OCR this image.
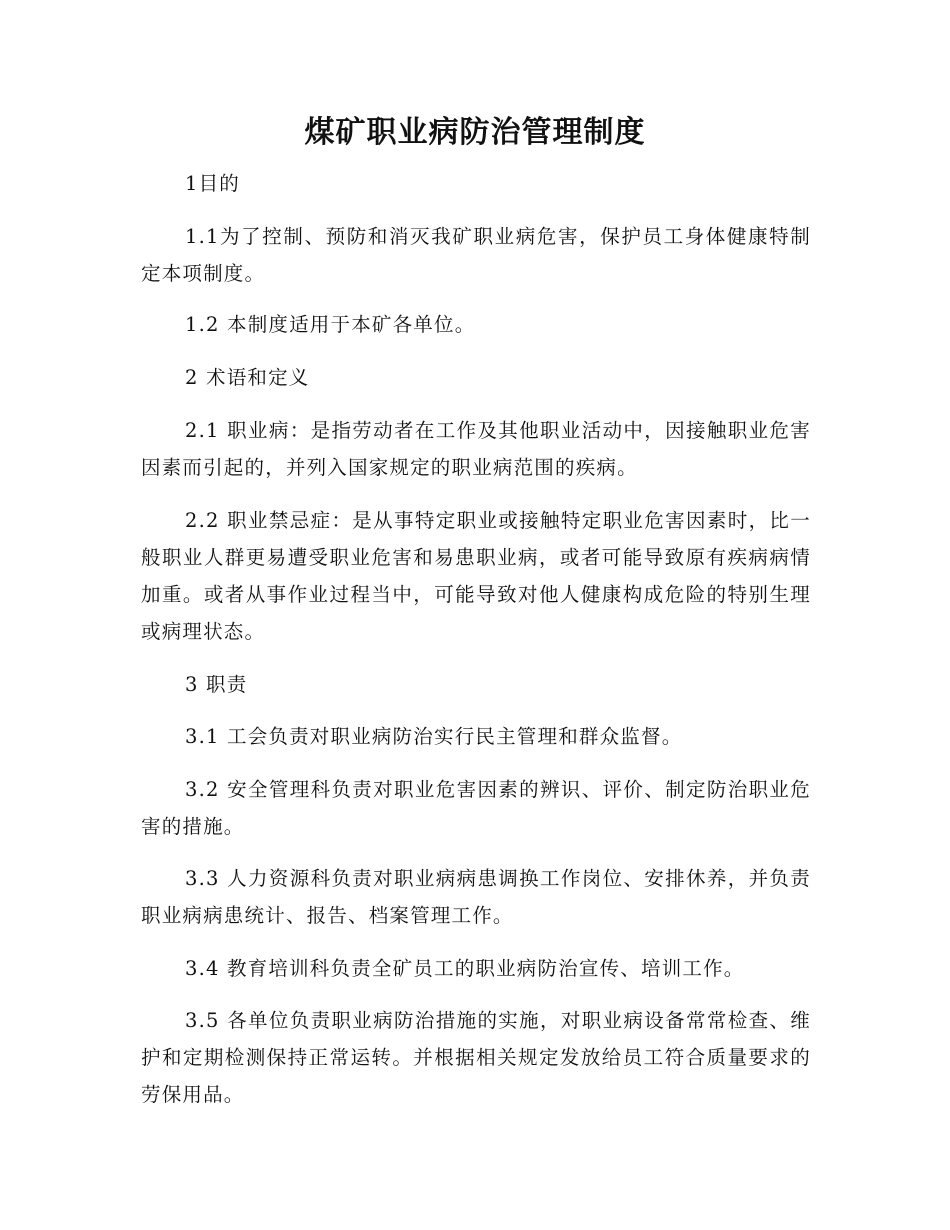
煤矿职业病防治管理制度

1目的

1.1为了控制、预防和消灭我矿职业病危害，保护员工身体健康特制定本项制度。

1.2 本制度适用于本矿各单位。

2 术语和定义

2.1 职业病：是指劳动者在工作及其他职业活动中，因接触职业危害因素而引起的，并列入国家规定的职业病范围的疾病。

2.2 职业禁忌症：是从事特定职业或接触特定职业危害因素时，比一般职业人群更易遭受职业危害和易患职业病，或者可能导致原有疾病病情加重。或者从事作业过程当中，可能导致对他人健康构成危险的特别生理或病理状态。

3 职责

3.1 工会负责对职业病防治实行民主管理和群众监督。

3.2 安全管理科负责对职业危害因素的辨识、评价、制定防治职业危害的措施。

3.3 人力资源科负责对职业病病患调换工作岗位、安排休养，并负责职业病病患统计、报告、档案管理工作。

3.4 教育培训科负责全矿员工的职业病防治宣传、培训工作。

3.5 各单位负责职业病防治措施的实施，对职业病设备常常检查、维护和定期检测保持正常运转。并根据相关规定发放给员工符合质量要求的劳保用品。
